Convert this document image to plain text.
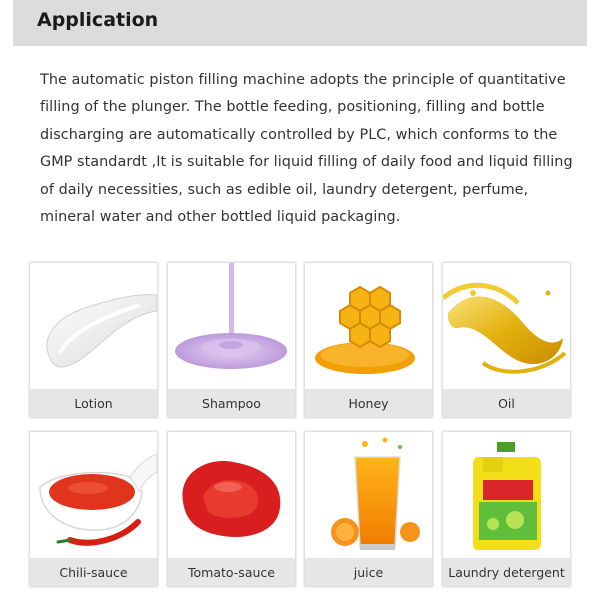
Application
The automatic piston filling machine adopts the principle of quantitative filling of the plunger. The bottle feeding, positioning, filling and bottle discharging are automatically controlled by PLC, which conforms to the GMP standardt ,It is suitable for liquid filling of daily food and liquid filling of daily necessities, such as edible oil, laundry detergent, perfume, mineral water and other bottled liquid packaging.
Lotion	Shampoo	Honey	Oil
Chili-sauce	Tomato-sauce	juice	Laundry detergent
